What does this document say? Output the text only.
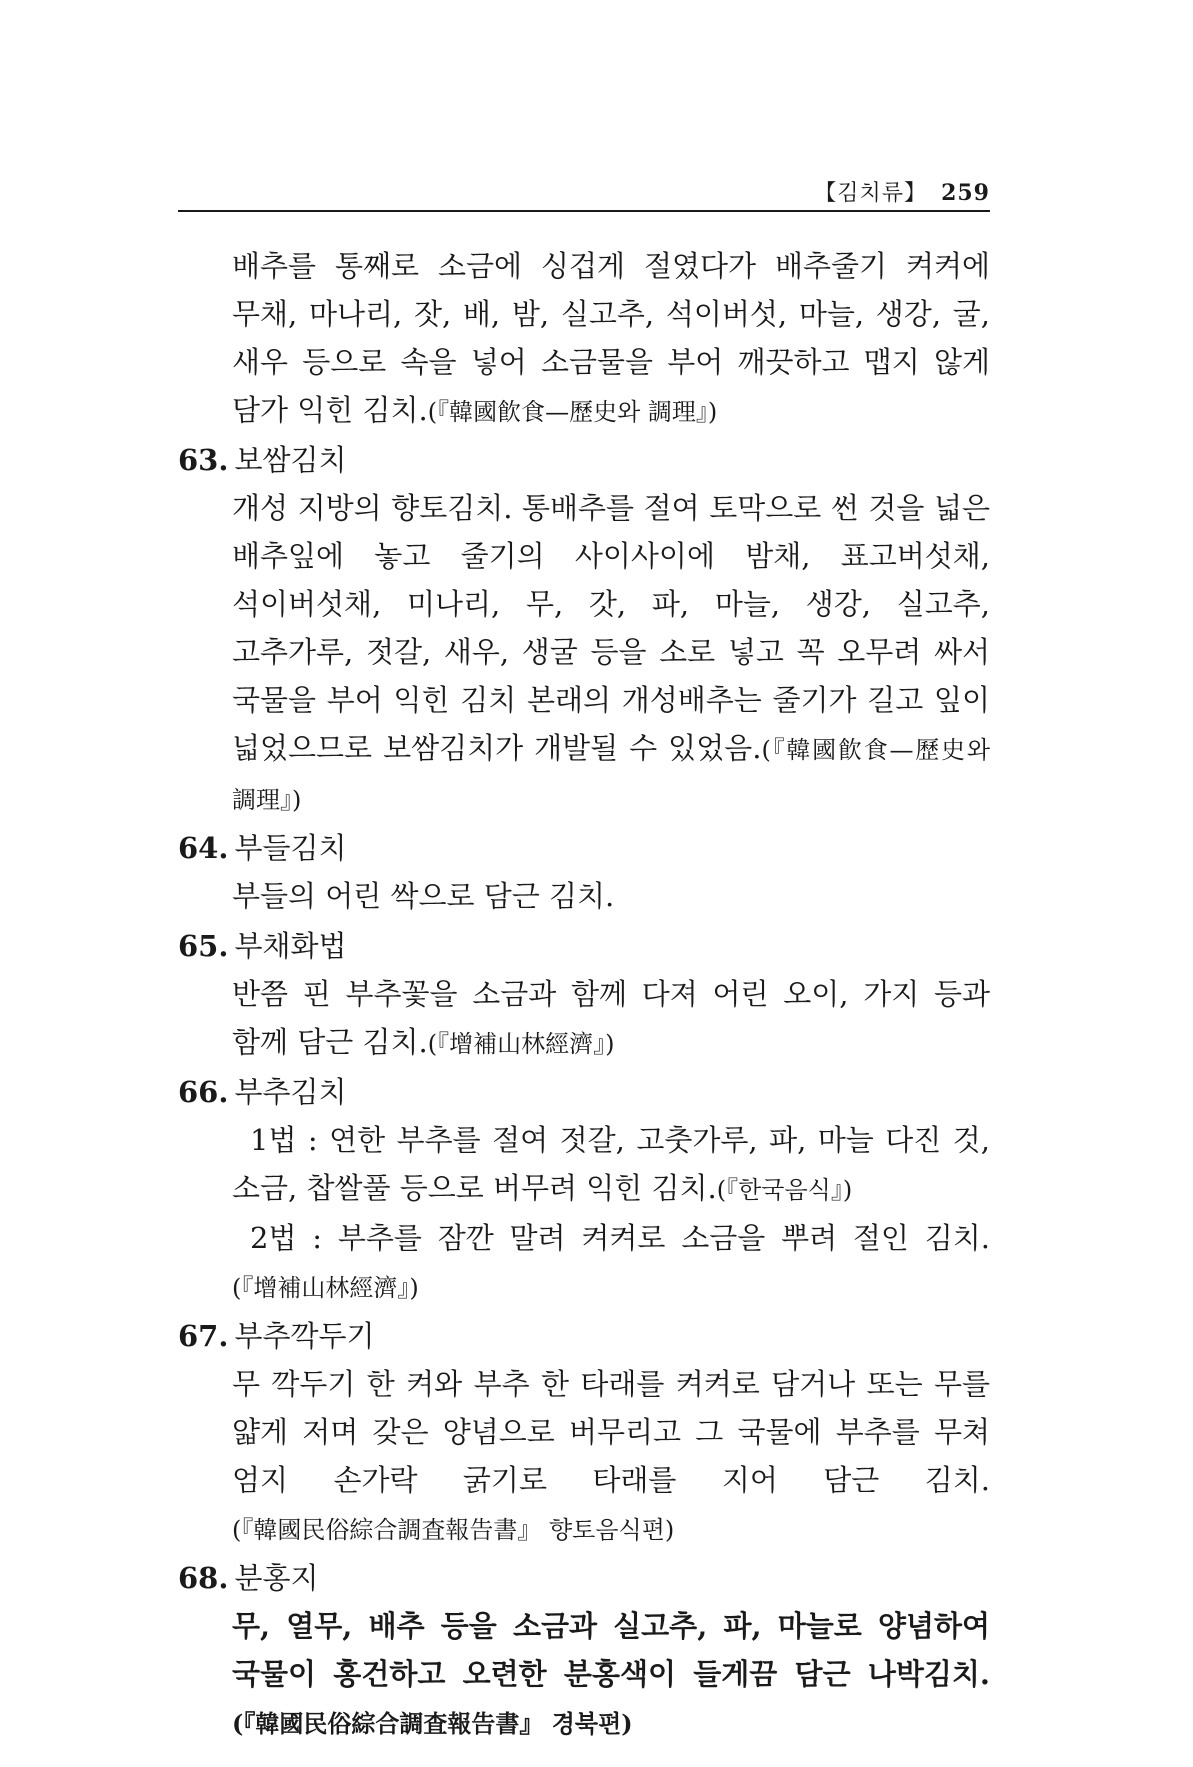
【김치류】 259

배추를 통째로 소금에 싱겁게 절였다가 배추줄기 켜켜에 무채, 마나리, 잣, 배, 밤, 실고추, 석이버섯, 마늘, 생강, 굴, 새우 등으로 속을 넣어 소금물을 부어 깨끗하고 맵지 않게 담가 익힌 김치.(『韓國飮食—歷史와 調理』)

63. 보쌈김치

개성 지방의 향토김치. 통배추를 절여 토막으로 썬 것을 넓은 배추잎에 놓고 줄기의 사이사이에 밤채, 표고버섯채, 석이버섯채, 미나리, 무, 갓, 파, 마늘, 생강, 실고추, 고추가루, 젓갈, 새우, 생굴 등을 소로 넣고 꼭 오무려 싸서 국물을 부어 익힌 김치 본래의 개성배추는 줄기가 길고 잎이 넓었으므로 보쌈김치가 개발될 수 있었음.(『韓國飮食—歷史와 調理』)

64. 부들김치

부들의 어린 싹으로 담근 김치.

65. 부채화법

반쯤 핀 부추꽃을 소금과 함께 다져 어린 오이, 가지 등과 함께 담근 김치.(『增補山林經濟』)

66. 부추김치

1법 : 연한 부추를 절여 젓갈, 고춧가루, 파, 마늘 다진 것, 소금, 찹쌀풀 등으로 버무려 익힌 김치.(『한국음식』)

2법 : 부추를 잠깐 말려 켜켜로 소금을 뿌려 절인 김치.(『增補山林經濟』)

67. 부추깍두기

무 깍두기 한 켜와 부추 한 타래를 켜켜로 담거나 또는 무를 얇게 저며 갖은 양념으로 버무리고 그 국물에 부추를 무쳐 엄지 손가락 굵기로 타래를 지어 담근 김치.(『韓國民俗綜合調査報告書』 향토음식편)

68. 분홍지

무, 열무, 배추 등을 소금과 실고추, 파, 마늘로 양념하여 국물이 홍건하고 오련한 분홍색이 들게끔 담근 나박김치.(『韓國民俗綜合調査報告書』 경북편)
